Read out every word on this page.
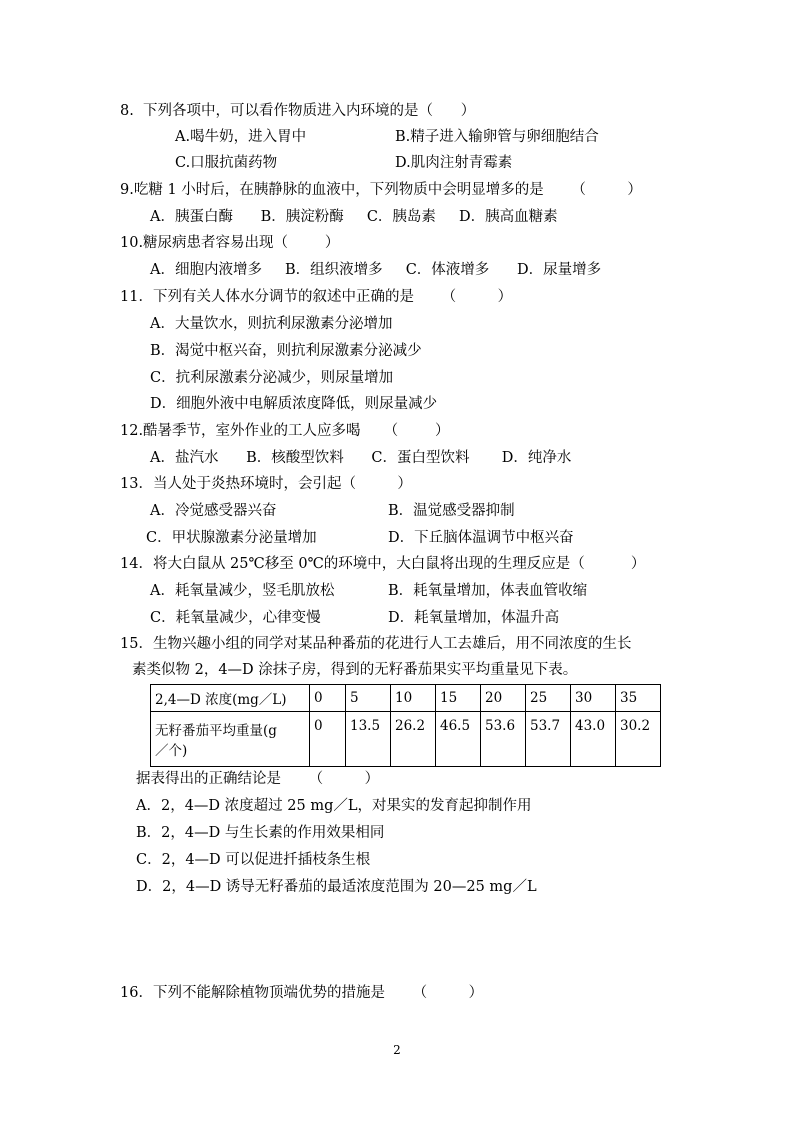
8.  下列各项中，可以看作物质进入内环境的是（      ）
A.喝牛奶，进入胃中	B.精子进入输卵管与卵细胞结合
C.口服抗菌药物	D.肌肉注射青霉素
9.吃糖 1 小时后，在胰静脉的血液中，下列物质中会明显增多的是      （         ）
A．胰蛋白酶      B．胰淀粉酶     C．胰岛素     D．胰高血糖素
10.糖尿病患者容易出现（        ）
A．细胞内液增多     B．组织液增多     C．体液增多      D．尿量增多
11．下列有关人体水分调节的叙述中正确的是      （         ）
A．大量饮水，则抗利尿激素分泌增加
B．渴觉中枢兴奋，则抗利尿激素分泌减少
C．抗利尿激素分泌减少，则尿量增加
D．细胞外液中电解质浓度降低，则尿量减少
12.酷暑季节，室外作业的工人应多喝     （        ）
A．盐汽水      B．核酸型饮料      C．蛋白型饮料       D．纯净水
13．当人处于炎热环境时，会引起（         ）
A．冷觉感受器兴奋	B．温觉感受器抑制
C．甲状腺激素分泌量增加	D．下丘脑体温调节中枢兴奋
14．将大白鼠从 25℃移至 0℃的环境中，大白鼠将出现的生理反应是（          ）
A．耗氧量减少，竖毛肌放松	B．耗氧量增加，体表血管收缩
C．耗氧量减少，心律变慢	D．耗氧量增加，体温升高
15．生物兴趣小组的同学对某品种番茄的花进行人工去雄后，用不同浓度的生长
素类似物 2，4—D 涂抹子房，得到的无籽番茄果实平均重量见下表。
2,4—D 浓度(mg／L)	0	5	10	15	20	25	30	35

无籽番茄平均重量(g
／个)	0	13.5	26.2	46.5	53.6	53.7	43.0	30.2
据表得出的正确结论是      （         ）
A．2，4—D 浓度超过 25 mg／L，对果实的发育起抑制作用
B．2，4—D 与生长素的作用效果相同
C．2，4—D 可以促进扦插枝条生根
D．2，4—D 诱导无籽番茄的最适浓度范围为 20—25 mg／L
16．下列不能解除植物顶端优势的措施是      （         ）
2
